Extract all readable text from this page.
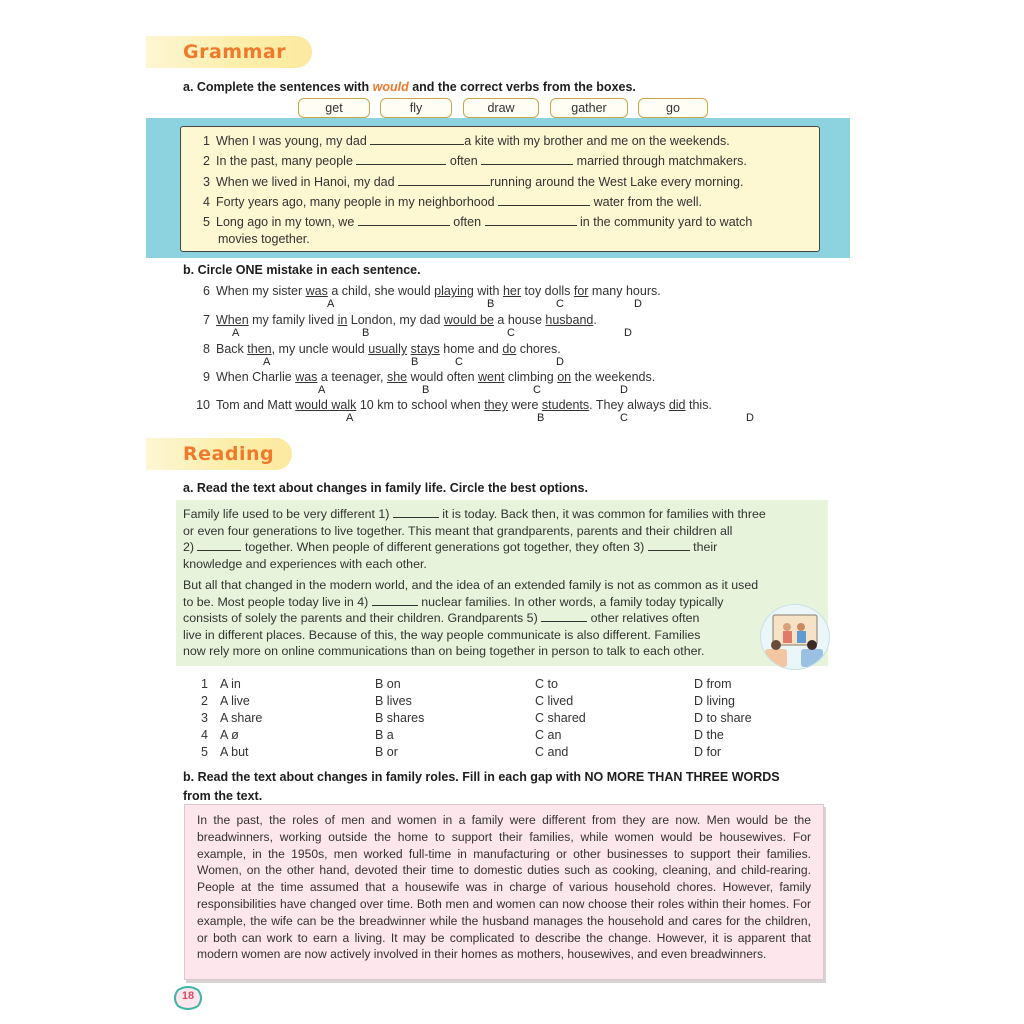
Grammar
a. Complete the sentences with would and the correct verbs from the boxes.
get	fly	draw	gather	go
1 When I was young, my dad	a kite with my brother and me on the weekends.
2 In the past, many people	often	married through matchmakers.
3 When we lived in Hanoi, my dad	running around the West Lake every morning.
4 Forty years ago, many people in my neighborhood	water from the well.
5 Long ago in my town, we	often	in the community yard to watch
movies together.
b. Circle ONE mistake in each sentence.
6 When my sister was a child, she would playing with her toy dolls for many hours.
A	B	C	D
7 When my family lived in London, my dad would be a house husband.
A	B	C	D
8 Back then, my uncle would usually stays home and do chores.
A	B	C	D
9 When Charlie was a teenager, she would often went climbing on the weekends.
A	B	C	D
10 Tom and Matt would walk 10 km to school when they were students. They always did this.
A	B	C	D
Reading
a. Read the text about changes in family life. Circle the best options.
Family life used to be very different 1)	it is today. Back then, it was common for families with three
or even four generations to live together. This meant that grandparents, parents and their children all
2)	together. When people of different generations got together, they often 3)	their
knowledge and experiences with each other.
But all that changed in the modern world, and the idea of an extended family is not as common as it used
to be. Most people today live in 4)	nuclear families. In other words, a family today typically
consists of solely the parents and their children. Grandparents 5)	other relatives often
live in different places. Because of this, the way people communicate is also different. Families
now rely more on online communications than on being together in person to talk to each other.
1 A in	B on	C to	D from
2 A live	B lives	C lived	D living
3 A share	B shares	C shared	D to share
4 A ø	B a	C an	D the
5 A but	B or	C and	D for
b. Read the text about changes in family roles. Fill in each gap with NO MORE THAN THREE WORDS
from the text.
In the past, the roles of men and women in a family were different from they are now. Men would be the breadwinners, working outside the home to support their families, while women would be housewives. For example, in the 1950s, men worked full-time in manufacturing or other businesses to support their families. Women, on the other hand, devoted their time to domestic duties such as cooking, cleaning, and child-rearing. People at the time assumed that a housewife was in charge of various household chores. However, family responsibilities have changed over time. Both men and women can now choose their roles within their homes. For example, the wife can be the breadwinner while the husband manages the household and cares for the children, or both can work to earn a living. It may be complicated to describe the change. However, it is apparent that modern women are now actively involved in their homes as mothers, housewives, and even breadwinners.
18
